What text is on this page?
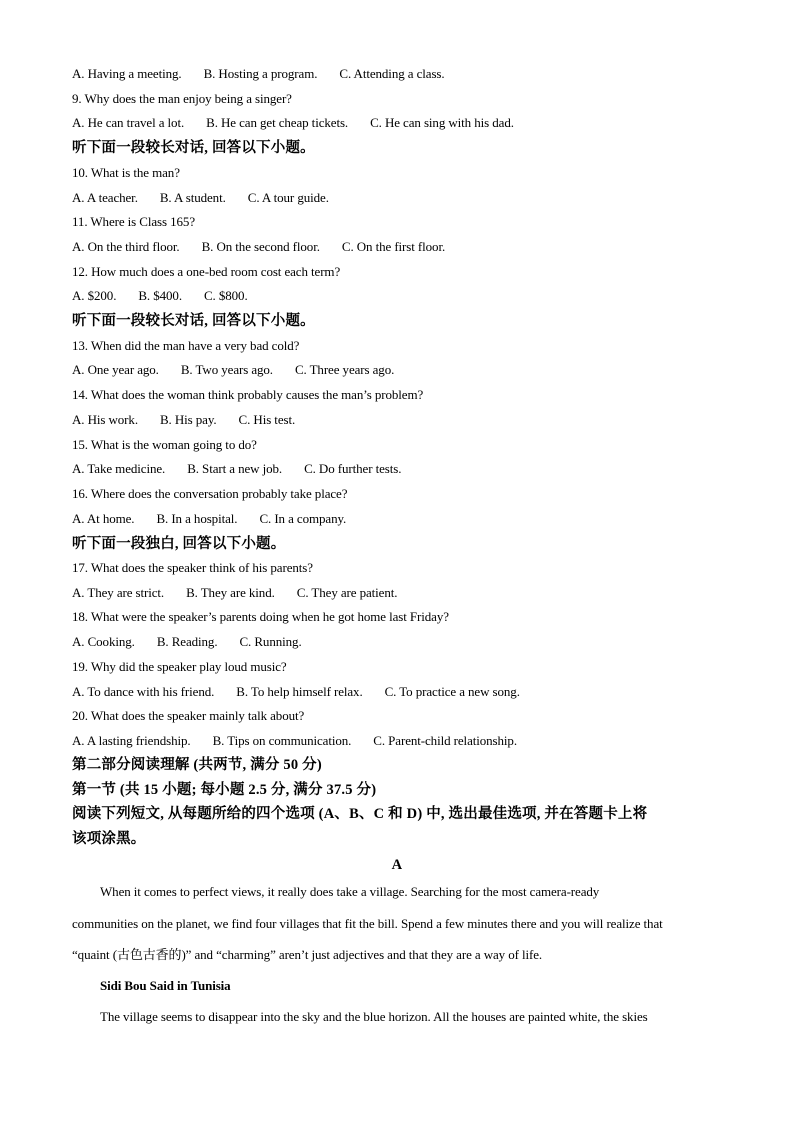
A. Having a meeting. B. Hosting a program. C. Attending a class.
9. Why does the man enjoy being a singer?
A. He can travel a lot. B. He can get cheap tickets. C. He can sing with his dad.
听下面一段较长对话, 回答以下小题。
10. What is the man?
A. A teacher. B. A student. C. A tour guide.
11. Where is Class 165?
A. On the third floor. B. On the second floor. C. On the first floor.
12. How much does a one-bed room cost each term?
A. $200. B. $400. C. $800.
听下面一段较长对话, 回答以下小题。
13. When did the man have a very bad cold?
A. One year ago. B. Two years ago. C. Three years ago.
14. What does the woman think probably causes the man’s problem?
A. His work. B. His pay. C. His test.
15. What is the woman going to do?
A. Take medicine. B. Start a new job. C. Do further tests.
16. Where does the conversation probably take place?
A. At home. B. In a hospital. C. In a company.
听下面一段独白, 回答以下小题。
17. What does the speaker think of his parents?
A. They are strict. B. They are kind. C. They are patient.
18. What were the speaker’s parents doing when he got home last Friday?
A. Cooking. B. Reading. C. Running.
19. Why did the speaker play loud music?
A. To dance with his friend. B. To help himself relax. C. To practice a new song.
20. What does the speaker mainly talk about?
A. A lasting friendship. B. Tips on communication. C. Parent-child relationship.
第二部分阅读理解 (共两节, 满分 50 分)
第一节 (共 15 小题; 每小题 2.5 分, 满分 37.5 分)
阅读下列短文, 从每题所给的四个选项 (A、B、C 和 D) 中, 选出最佳选项, 并在答题卡上将
该项涂黑。
A
When it comes to perfect views, it really does take a village. Searching for the most camera-ready
communities on the planet, we find four villages that fit the bill. Spend a few minutes there and you will realize that
“quaint (古色古香的)” and “charming” aren’t just adjectives and that they are a way of life.
Sidi Bou Said in Tunisia
The village seems to disappear into the sky and the blue horizon. All the houses are painted white, the skies
